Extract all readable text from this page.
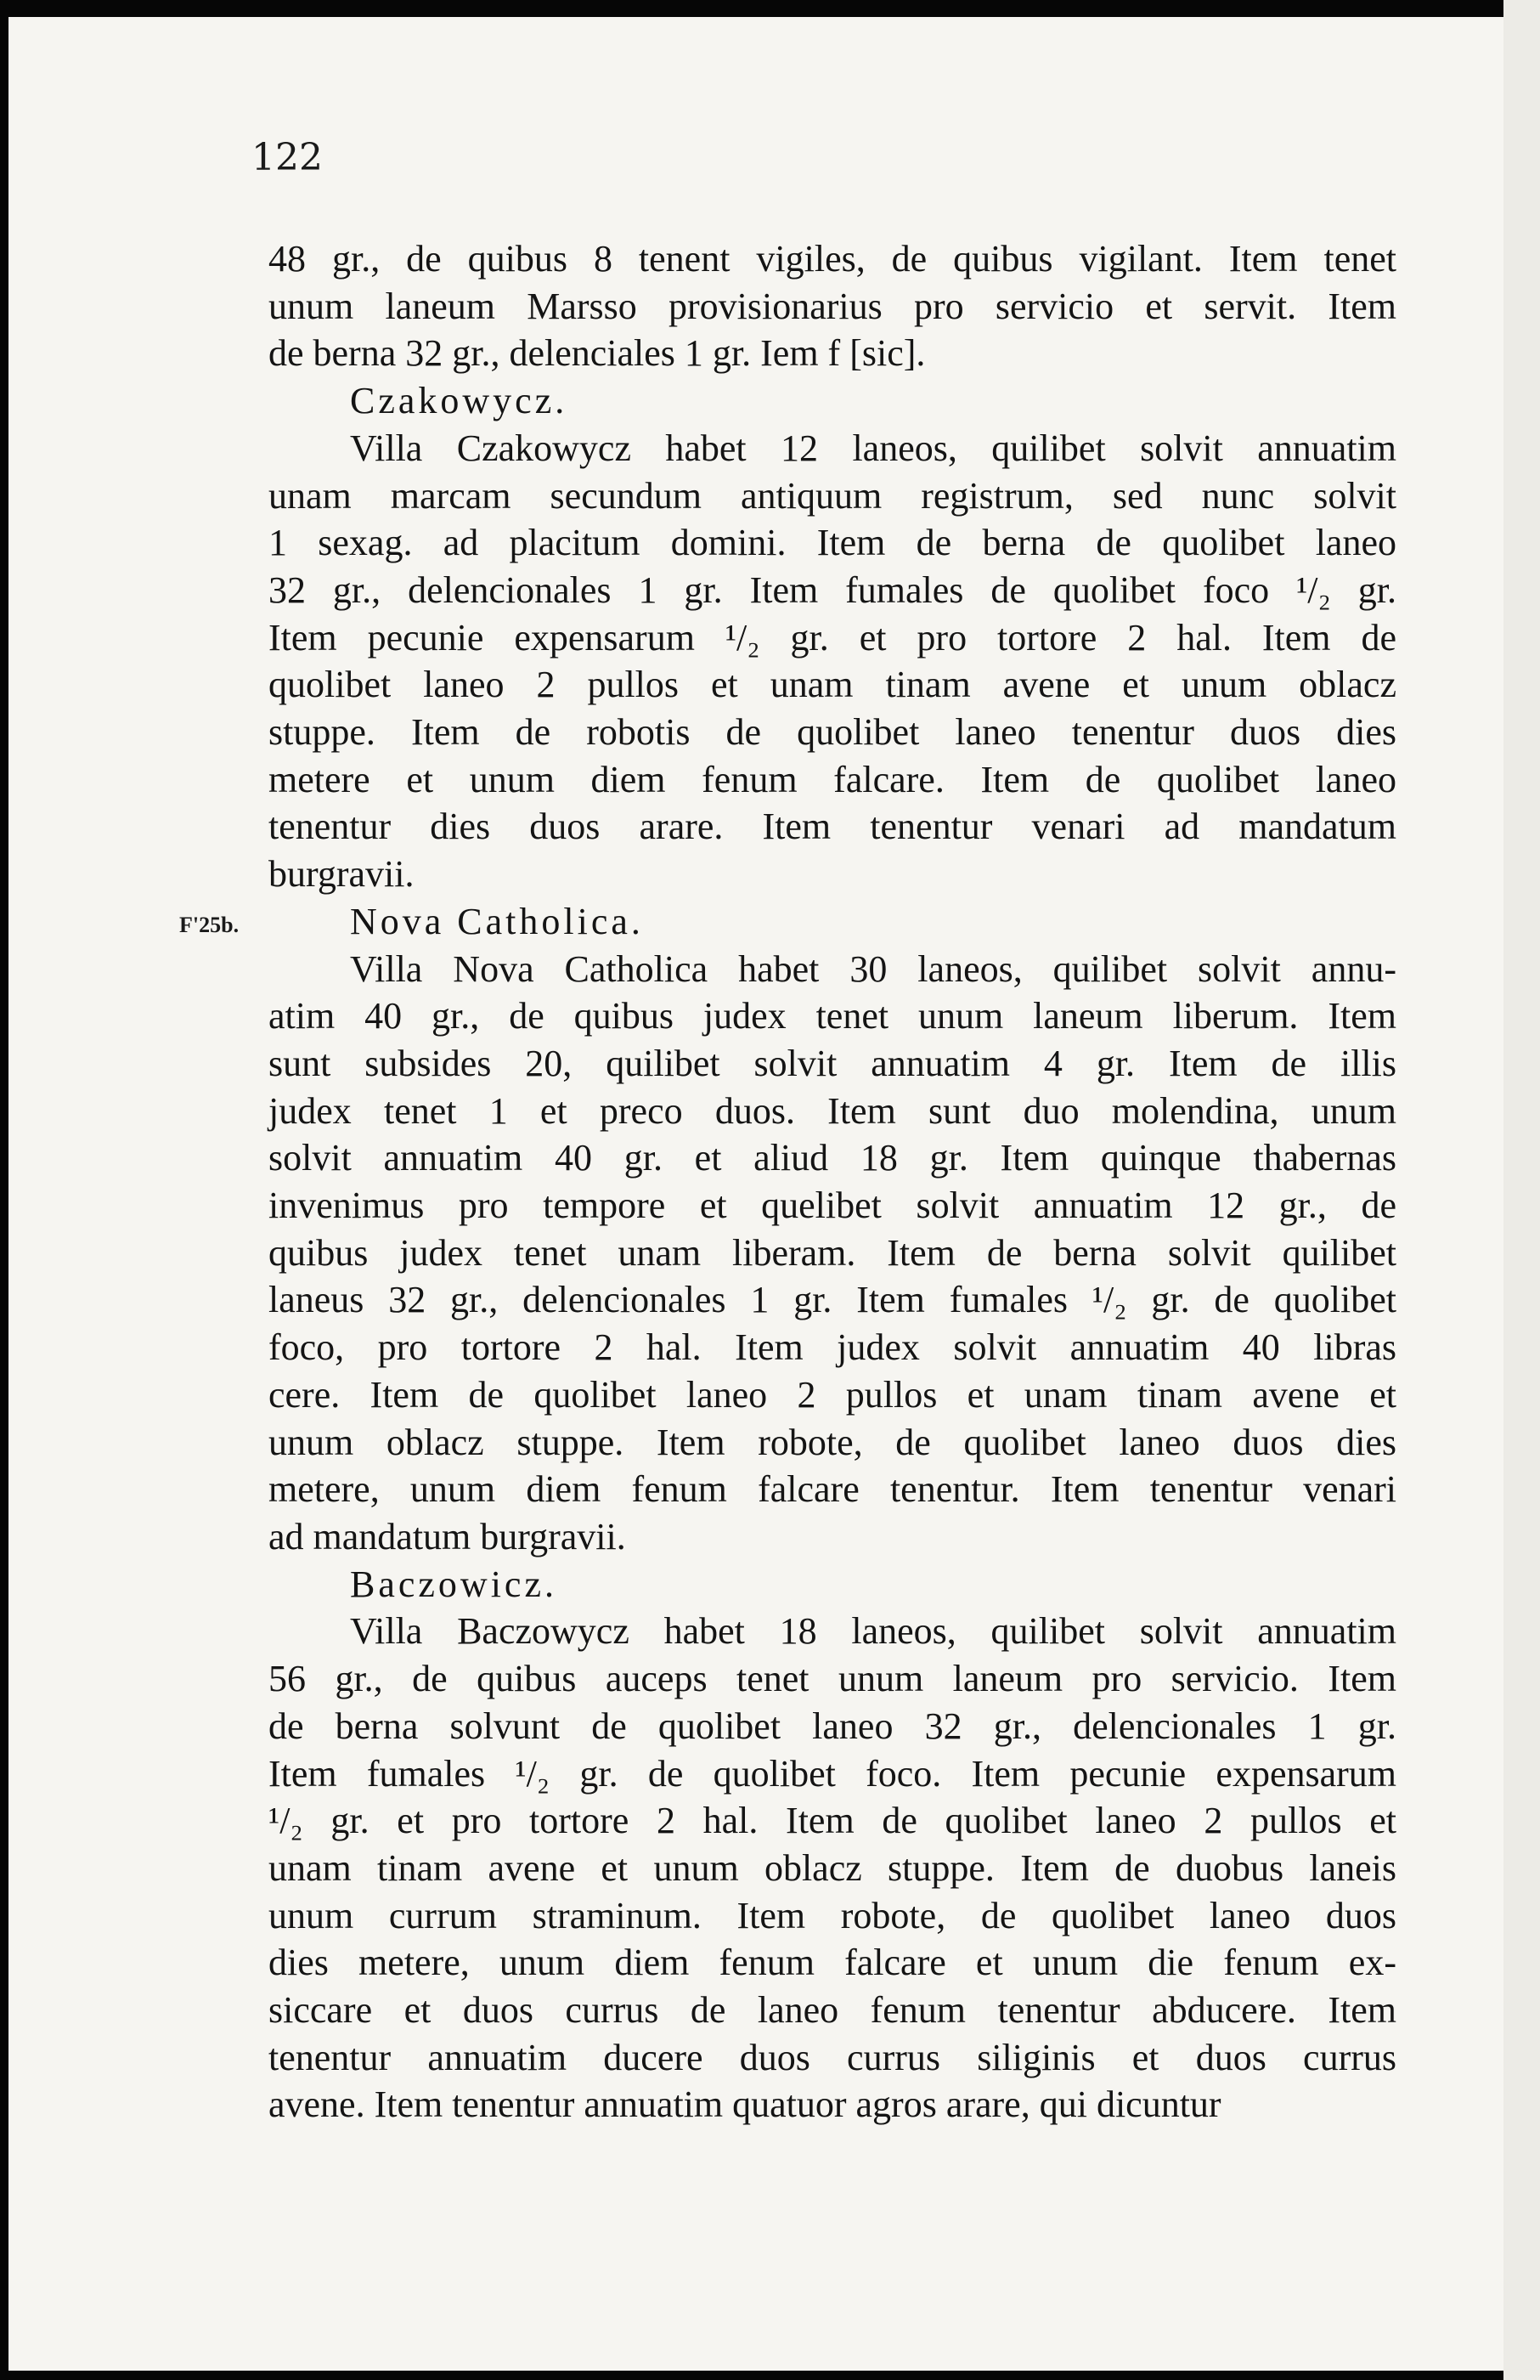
122
F'25b.
48 gr., de quibus 8 tenent vigiles, de quibus vigilant. Item tenet
unum laneum Marsso provisionarius pro servicio et servit. Item
de berna 32 gr., delenciales 1 gr. Iem f [sic].
Czakowycz.
Villa Czakowycz habet 12 laneos, quilibet solvit annuatim
unam marcam secundum antiquum registrum, sed nunc solvit
1 sexag. ad placitum domini. Item de berna de quolibet laneo
32 gr., delencionales 1 gr. Item fumales de quolibet foco ¹/₂ gr.
Item pecunie expensarum ¹/₂ gr. et pro tortore 2 hal. Item de
quolibet laneo 2 pullos et unam tinam avene et unum oblacz
stuppe. Item de robotis de quolibet laneo tenentur duos dies
metere et unum diem fenum falcare. Item de quolibet laneo
tenentur dies duos arare. Item tenentur venari ad mandatum
burgravii.
Nova Catholica.
Villa Nova Catholica habet 30 laneos, quilibet solvit annu-
atim 40 gr., de quibus judex tenet unum laneum liberum. Item
sunt subsides 20, quilibet solvit annuatim 4 gr. Item de illis
judex tenet 1 et preco duos. Item sunt duo molendina, unum
solvit annuatim 40 gr. et aliud 18 gr. Item quinque thabernas
invenimus pro tempore et quelibet solvit annuatim 12 gr., de
quibus judex tenet unam liberam. Item de berna solvit quilibet
laneus 32 gr., delencionales 1 gr. Item fumales ¹/₂ gr. de quolibet
foco, pro tortore 2 hal. Item judex solvit annuatim 40 libras
cere. Item de quolibet laneo 2 pullos et unam tinam avene et
unum oblacz stuppe. Item robote, de quolibet laneo duos dies
metere, unum diem fenum falcare tenentur. Item tenentur venari
ad mandatum burgravii.
Baczowicz.
Villa Baczowycz habet 18 laneos, quilibet solvit annuatim
56 gr., de quibus auceps tenet unum laneum pro servicio. Item
de berna solvunt de quolibet laneo 32 gr., delencionales 1 gr.
Item fumales ¹/₂ gr. de quolibet foco. Item pecunie expensarum
¹/₂ gr. et pro tortore 2 hal. Item de quolibet laneo 2 pullos et
unam tinam avene et unum oblacz stuppe. Item de duobus laneis
unum currum straminum. Item robote, de quolibet laneo duos
dies metere, unum diem fenum falcare et unum die fenum ex-
siccare et duos currus de laneo fenum tenentur abducere. Item
tenentur annuatim ducere duos currus siliginis et duos currus
avene. Item tenentur annuatim quatuor agros arare, qui dicuntur
